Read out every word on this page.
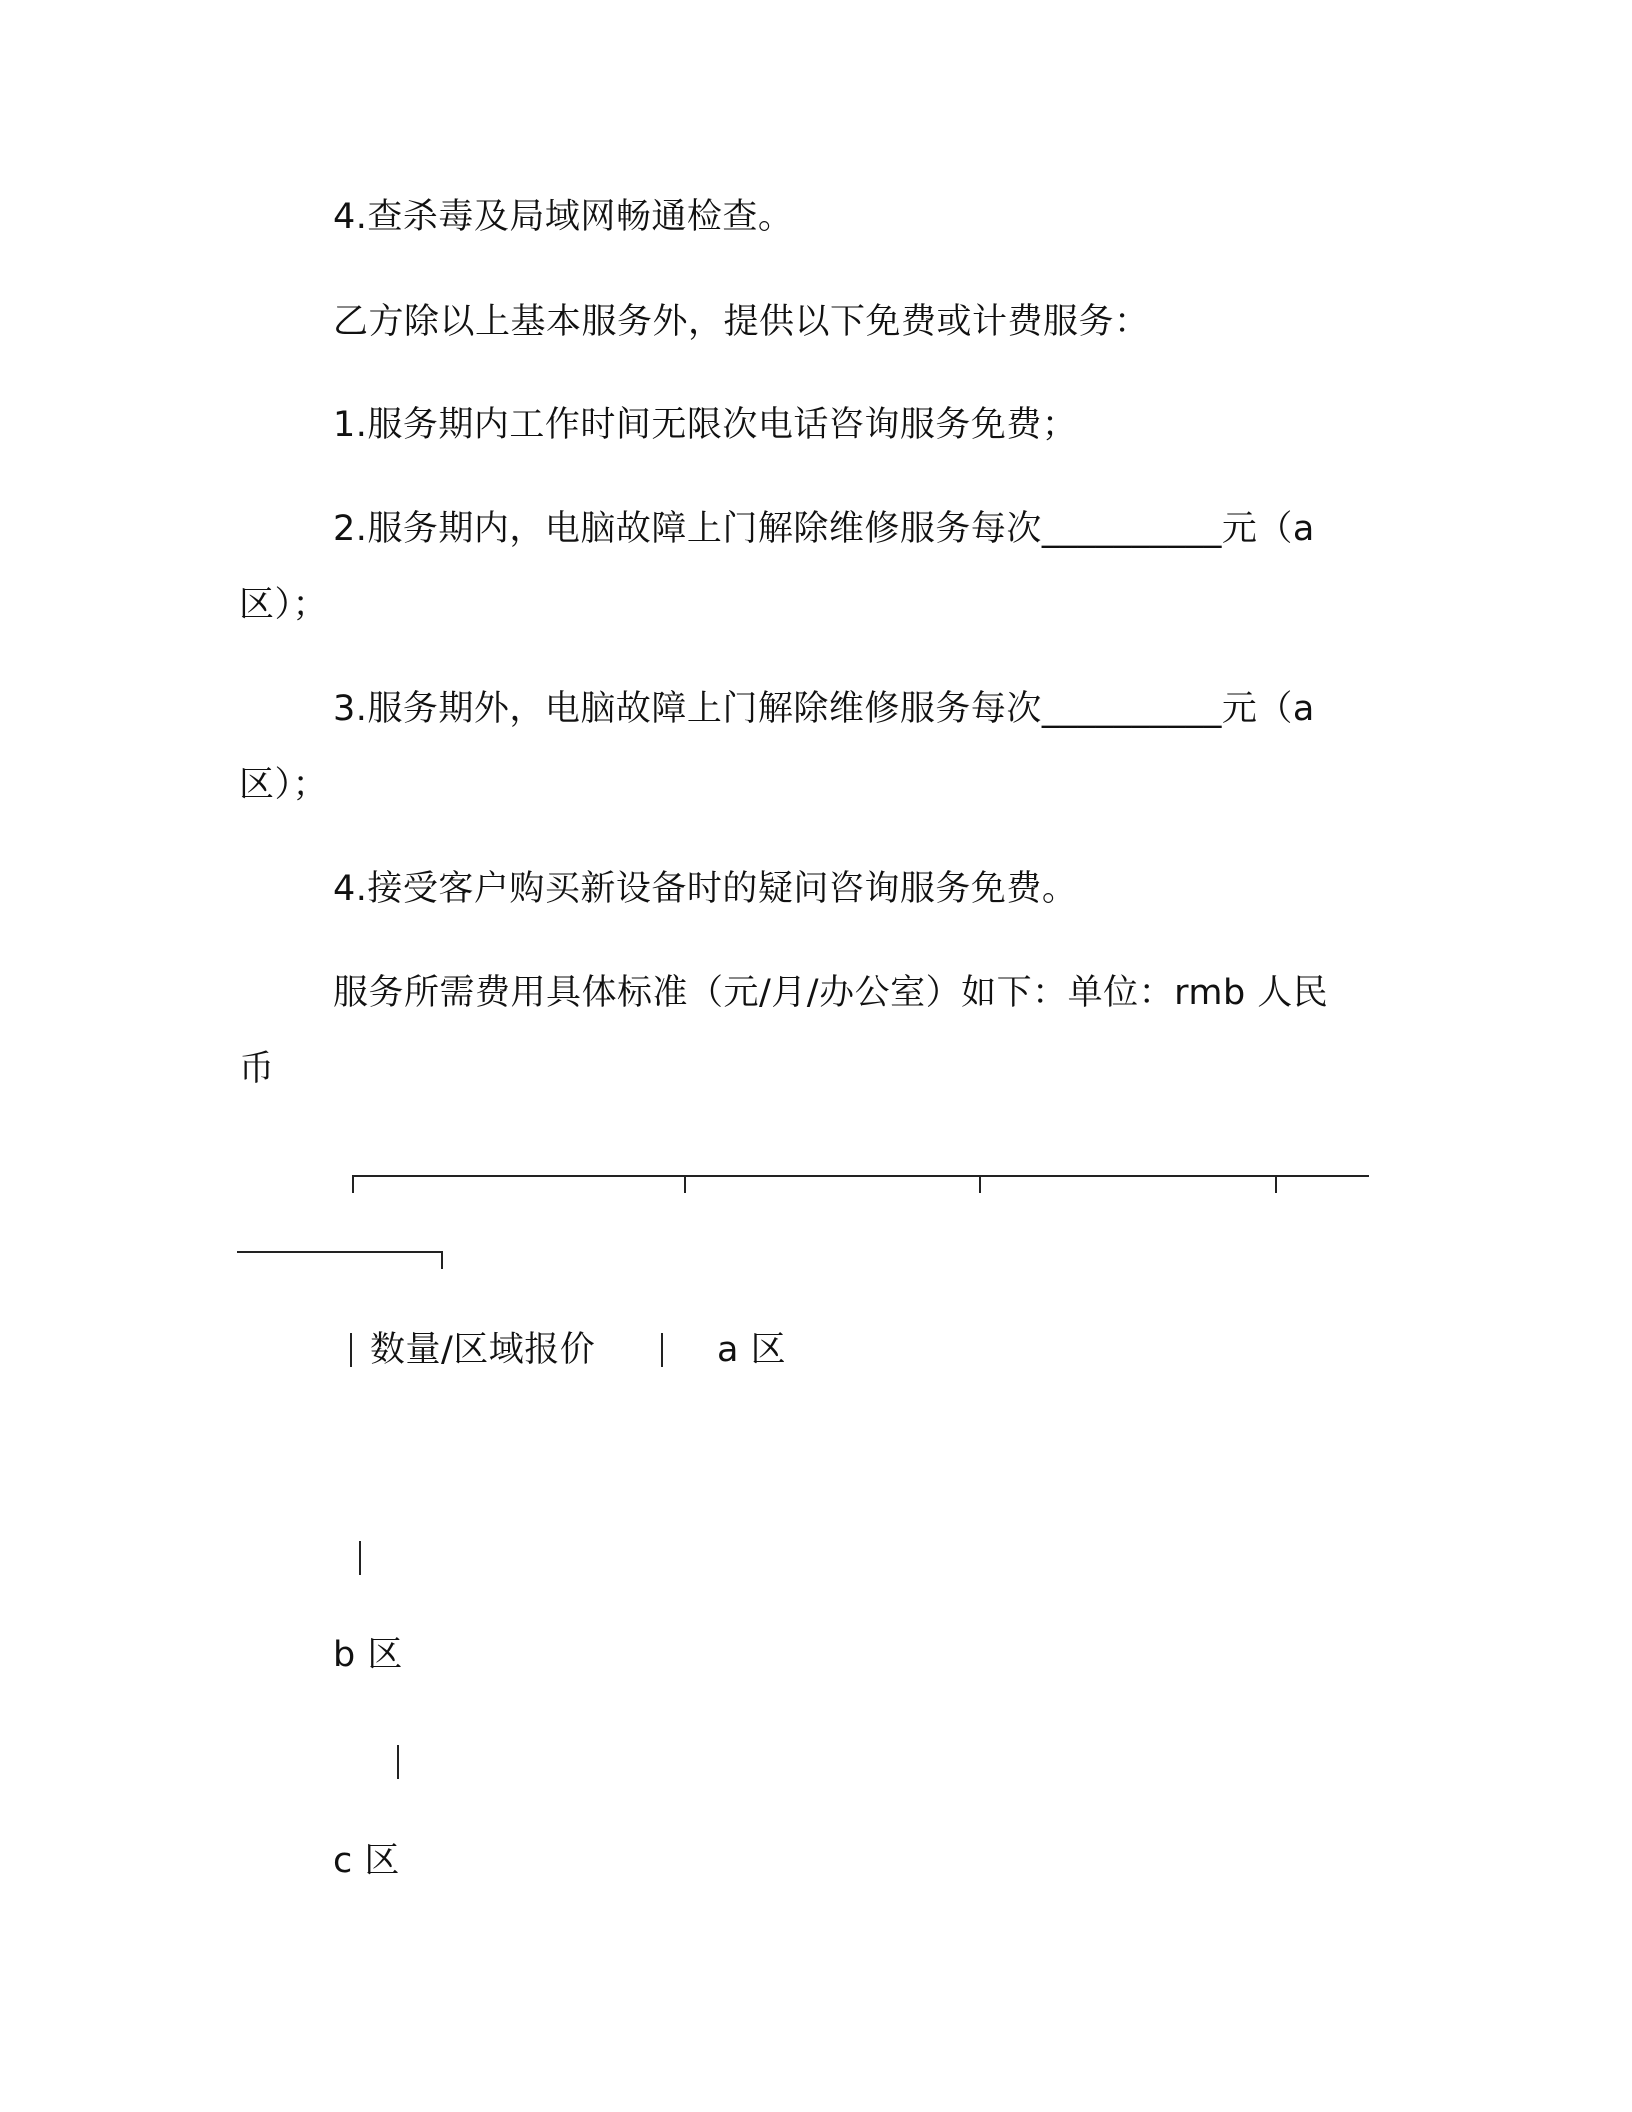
4.查杀毒及局域网畅通检查。
乙方除以上基本服务外，提供以下免费或计费服务：
1.服务期内工作时间无限次电话咨询服务免费；
2.服务期内，电脑故障上门解除维修服务每次__________元（a
区）；
3.服务期外，电脑故障上门解除维修服务每次__________元（a
区）；
4.接受客户购买新设备时的疑问咨询服务免费。
服务所需费用具体标准（元/月/办公室）如下：单位：rmb 人民
币
数量/区域报价	a 区
b 区
c 区
